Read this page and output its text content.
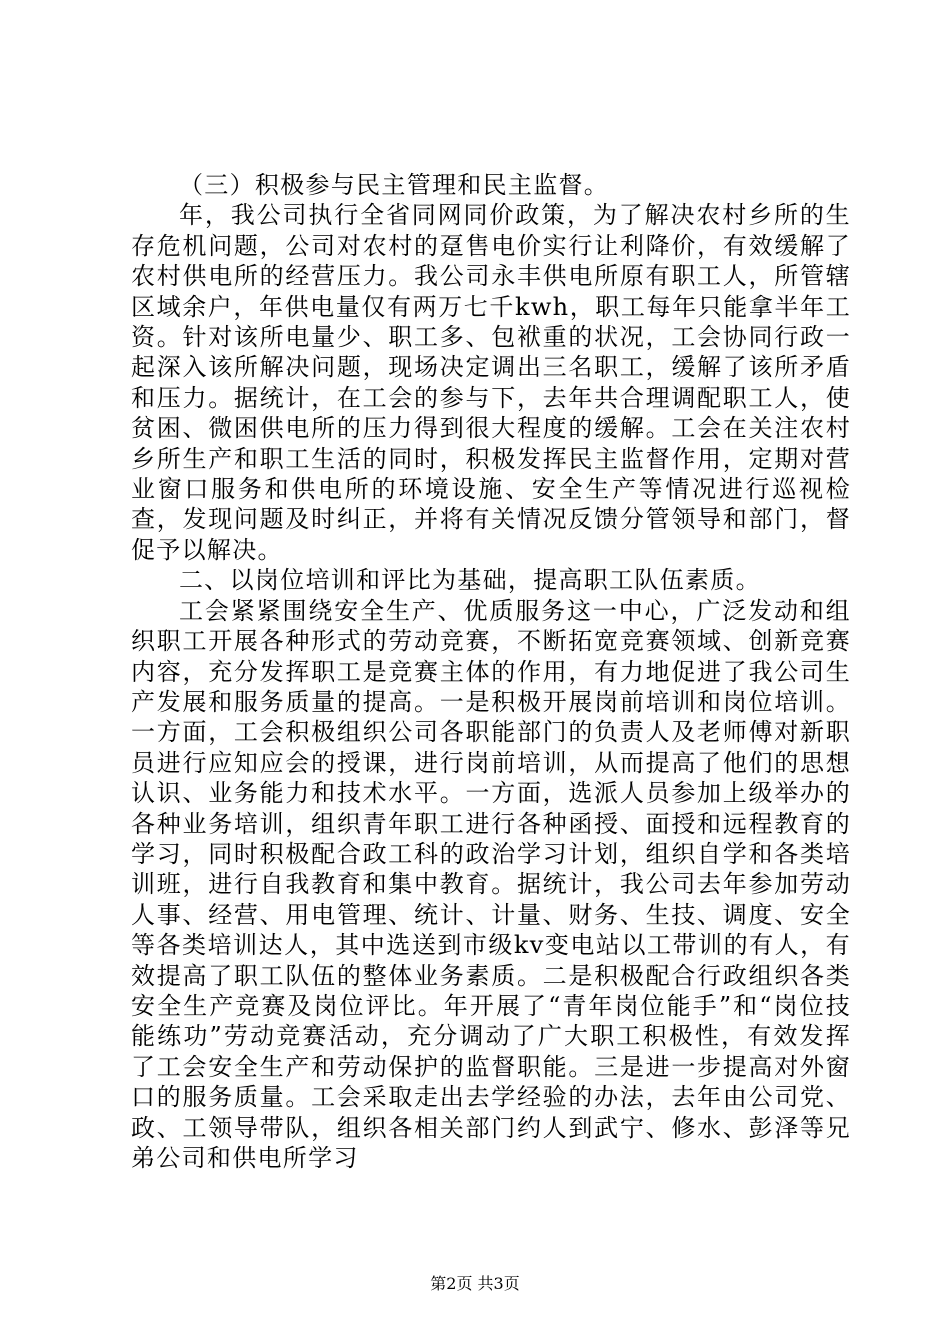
（三）积极参与民主管理和民主监督。

年，我公司执行全省同网同价政策，为了解决农村乡所的生存危机问题，公司对农村的趸售电价实行让利降价，有效缓解了农村供电所的经营压力。我公司永丰供电所原有职工人，所管辖区域余户，年供电量仅有两万七千kwh，职工每年只能拿半年工资。针对该所电量少、职工多、包袱重的状况，工会协同行政一起深入该所解决问题，现场决定调出三名职工，缓解了该所矛盾和压力。据统计，在工会的参与下，去年共合理调配职工人，使贫困、微困供电所的压力得到很大程度的缓解。工会在关注农村乡所生产和职工生活的同时，积极发挥民主监督作用，定期对营业窗口服务和供电所的环境设施、安全生产等情况进行巡视检查，发现问题及时纠正，并将有关情况反馈分管领导和部门，督促予以解决。

二、以岗位培训和评比为基础，提高职工队伍素质。

工会紧紧围绕安全生产、优质服务这一中心，广泛发动和组织职工开展各种形式的劳动竞赛，不断拓宽竞赛领域、创新竞赛内容，充分发挥职工是竞赛主体的作用，有力地促进了我公司生产发展和服务质量的提高。一是积极开展岗前培训和岗位培训。一方面，工会积极组织公司各职能部门的负责人及老师傅对新职员进行应知应会的授课，进行岗前培训，从而提高了他们的思想认识、业务能力和技术水平。一方面，选派人员参加上级举办的各种业务培训，组织青年职工进行各种函授、面授和远程教育的学习，同时积极配合政工科的政治学习计划，组织自学和各类培训班，进行自我教育和集中教育。据统计，我公司去年参加劳动人事、经营、用电管理、统计、计量、财务、生技、调度、安全等各类培训达人，其中选送到市级kv变电站以工带训的有人，有效提高了职工队伍的整体业务素质。二是积极配合行政组织各类安全生产竞赛及岗位评比。年开展了“青年岗位能手”和“岗位技能练功”劳动竞赛活动，充分调动了广大职工积极性，有效发挥了工会安全生产和劳动保护的监督职能。三是进一步提高对外窗口的服务质量。工会采取走出去学经验的办法，去年由公司党、政、工领导带队，组织各相关部门约人到武宁、修水、彭泽等兄弟公司和供电所学习

第2页 共3页
